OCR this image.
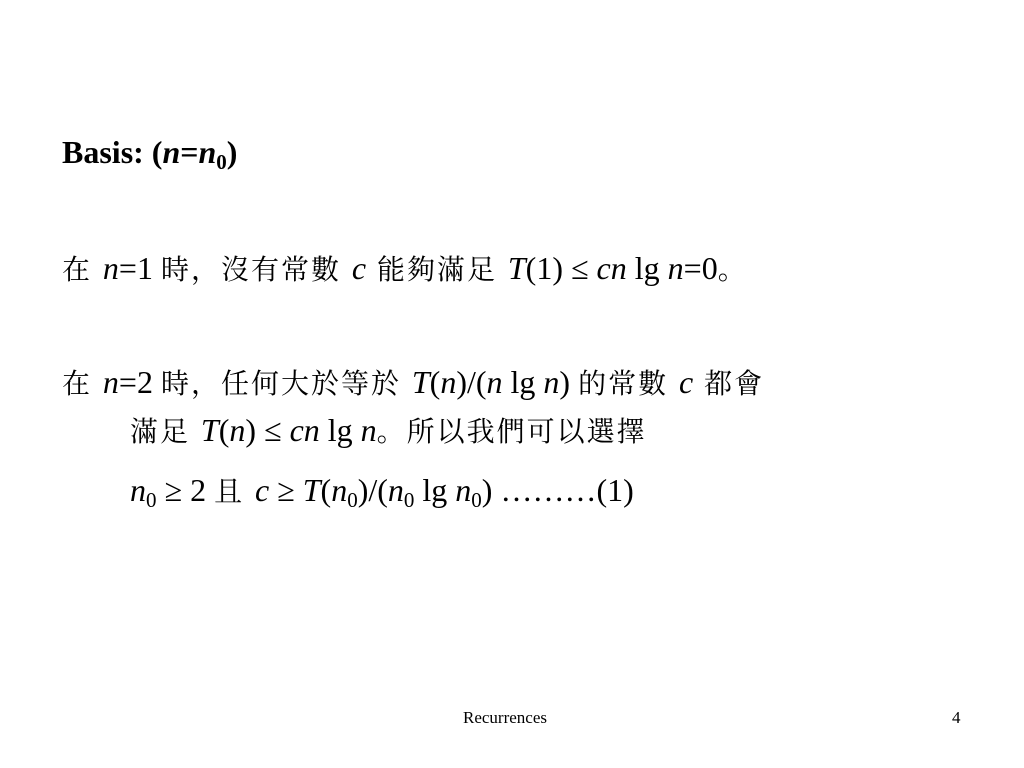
Basis: $(n=n_0)$
在 n=1 時，沒有常數 c 能夠滿足 T(1) ≤ cn lg n=0。
在 n=2 時，任何大於等於 T(n)/(n lg n) 的常數 c 都會
滿足 T(n) ≤ cn lg n。所以我們可以選擇
$n_0 \ge 2$ 且 $c \ge T(n_0)/(n_0$ $\lg n_0$) ………(1)
Recurrences	4
